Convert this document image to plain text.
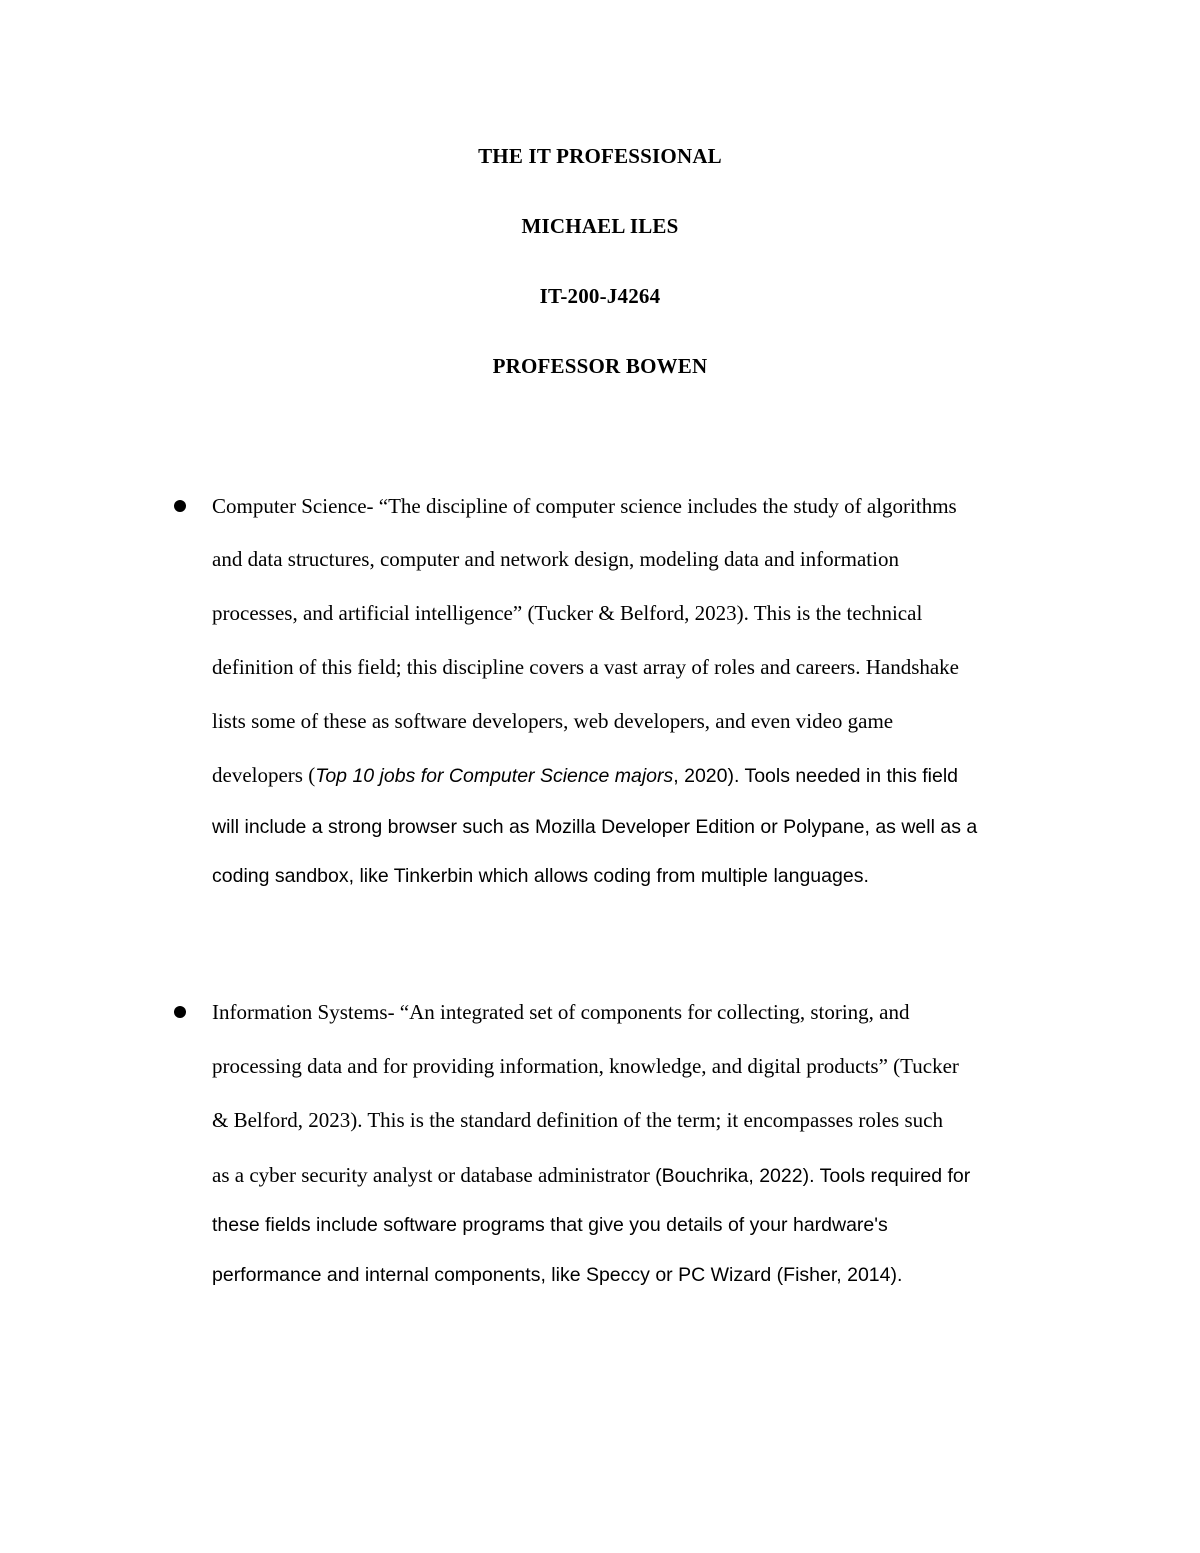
THE IT PROFESSIONAL
MICHAEL ILES
IT-200-J4264
PROFESSOR BOWEN
Computer Science- “The discipline of computer science includes the study of algorithms
and data structures, computer and network design, modeling data and information
processes, and artificial intelligence” (Tucker & Belford, 2023). This is the technical
definition of this field; this discipline covers a vast array of roles and careers. Handshake
lists some of these as software developers, web developers, and even video game
developers (Top 10 jobs for Computer Science majors, 2020). Tools needed in this field
will include a strong browser such as Mozilla Developer Edition or Polypane, as well as a
coding sandbox, like Tinkerbin which allows coding from multiple languages.
Information Systems- “An integrated set of components for collecting, storing, and
processing data and for providing information, knowledge, and digital products” (Tucker
& Belford, 2023). This is the standard definition of the term; it encompasses roles such
as a cyber security analyst or database administrator (Bouchrika, 2022). Tools required for
these fields include software programs that give you details of your hardware's
performance and internal components, like Speccy or PC Wizard (Fisher, 2014).
